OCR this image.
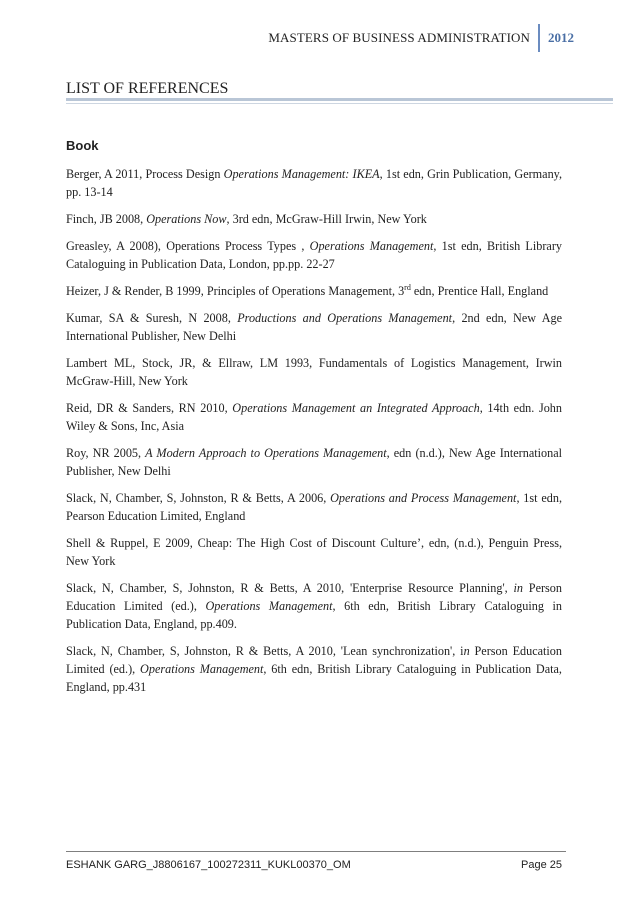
MASTERS OF BUSINESS ADMINISTRATION 2012
LIST OF REFERENCES
Book

Berger, A 2011, Process Design Operations Management: IKEA, 1st edn, Grin Publication, Germany, pp. 13-14

Finch, JB 2008, Operations Now, 3rd edn, McGraw-Hill Irwin, New York

Greasley, A 2008), Operations Process Types , Operations Management, 1st edn, British Library Cataloguing in Publication Data, London, pp.pp. 22-27

Heizer, J & Render, B 1999, Principles of Operations Management, 3rd edn, Prentice Hall, England

Kumar, SA & Suresh, N 2008, Productions and Operations Management, 2nd edn, New Age International Publisher, New Delhi

Lambert ML, Stock, JR, & Ellraw, LM 1993, Fundamentals of Logistics Management, Irwin McGraw-Hill, New York

Reid, DR & Sanders, RN 2010, Operations Management an Integrated Approach, 14th edn. John Wiley & Sons, Inc, Asia

Roy, NR 2005, A Modern Approach to Operations Management, edn (n.d.), New Age International Publisher, New Delhi

Slack, N, Chamber, S, Johnston, R & Betts, A 2006, Operations and Process Management, 1st edn, Pearson Education Limited, England

Shell & Ruppel, E 2009, Cheap: The High Cost of Discount Culture’, edn, (n.d.), Penguin Press, New York

Slack, N, Chamber, S, Johnston, R & Betts, A 2010, 'Enterprise Resource Planning', in Person Education Limited (ed.), Operations Management, 6th edn, British Library Cataloguing in Publication Data, England, pp.409.

Slack, N, Chamber, S, Johnston, R & Betts, A 2010, 'Lean synchronization', in Person Education Limited (ed.), Operations Management, 6th edn, British Library Cataloguing in Publication Data, England, pp.431

ESHANK GARG_J8806167_100272311_KUKL00370_OM	Page 25
